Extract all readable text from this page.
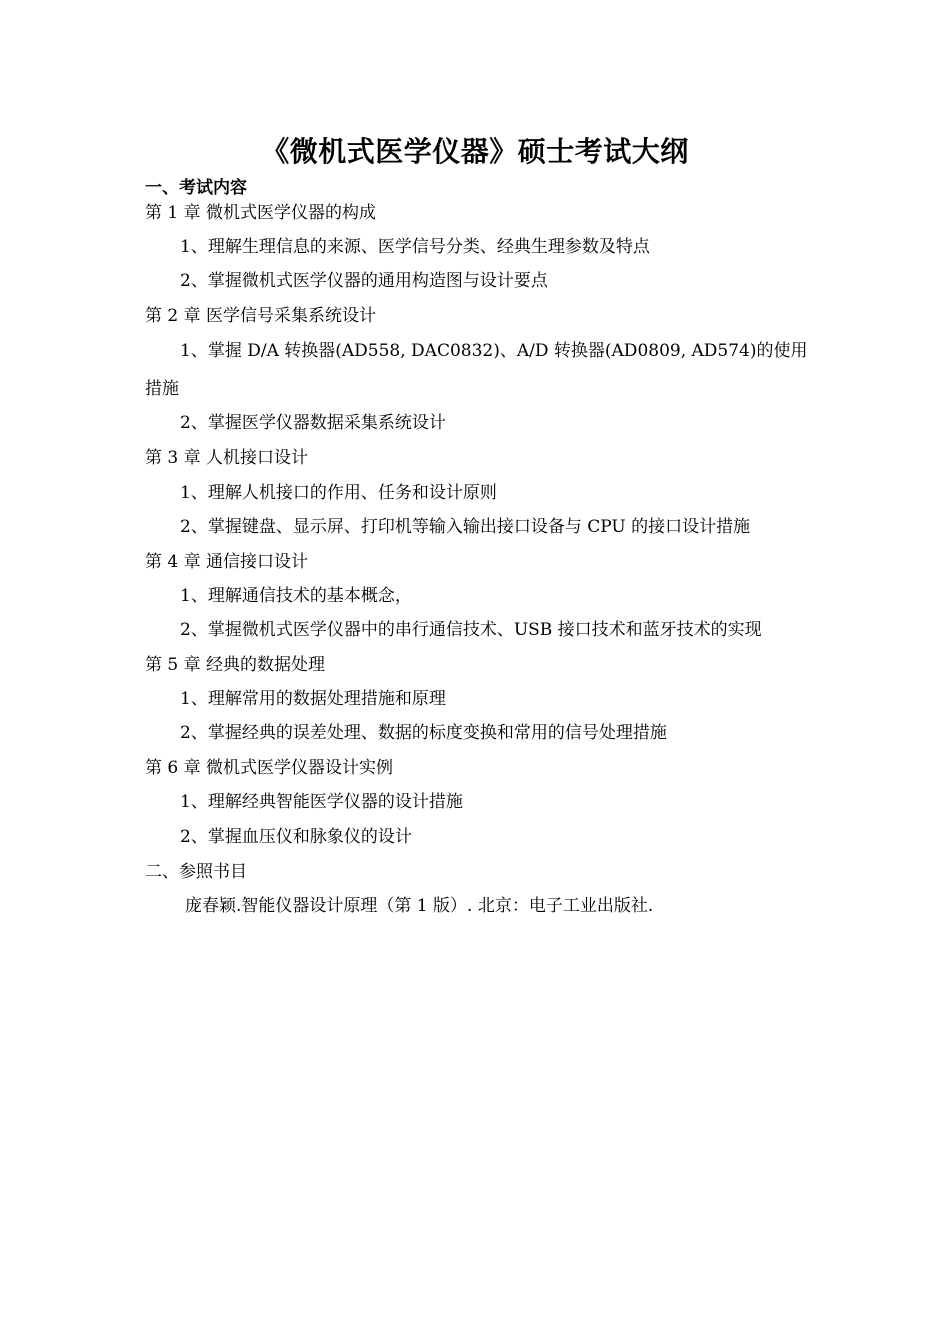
《微机式医学仪器》硕士考试大纲
一、考试内容
第 1 章 微机式医学仪器的构成
1、理解生理信息的来源、医学信号分类、经典生理参数及特点
2、掌握微机式医学仪器的通用构造图与设计要点
第 2 章 医学信号采集系统设计
1、掌握 D/A 转换器(AD558, DAC0832)、A/D 转换器(AD0809, AD574)的使用
措施
2、掌握医学仪器数据采集系统设计
第 3 章 人机接口设计
1、理解人机接口的作用、任务和设计原则
2、掌握键盘、显示屏、打印机等输入输出接口设备与 CPU 的接口设计措施
第 4 章 通信接口设计
1、理解通信技术的基本概念，
2、掌握微机式医学仪器中的串行通信技术、USB 接口技术和蓝牙技术的实现
第 5 章 经典的数据处理
1、理解常用的数据处理措施和原理
2、掌握经典的误差处理、数据的标度变换和常用的信号处理措施
第 6 章 微机式医学仪器设计实例
1、理解经典智能医学仪器的设计措施
2、掌握血压仪和脉象仪的设计
二、参照书目
庞春颖.智能仪器设计原理（第 1 版）. 北京：电子工业出版社.
